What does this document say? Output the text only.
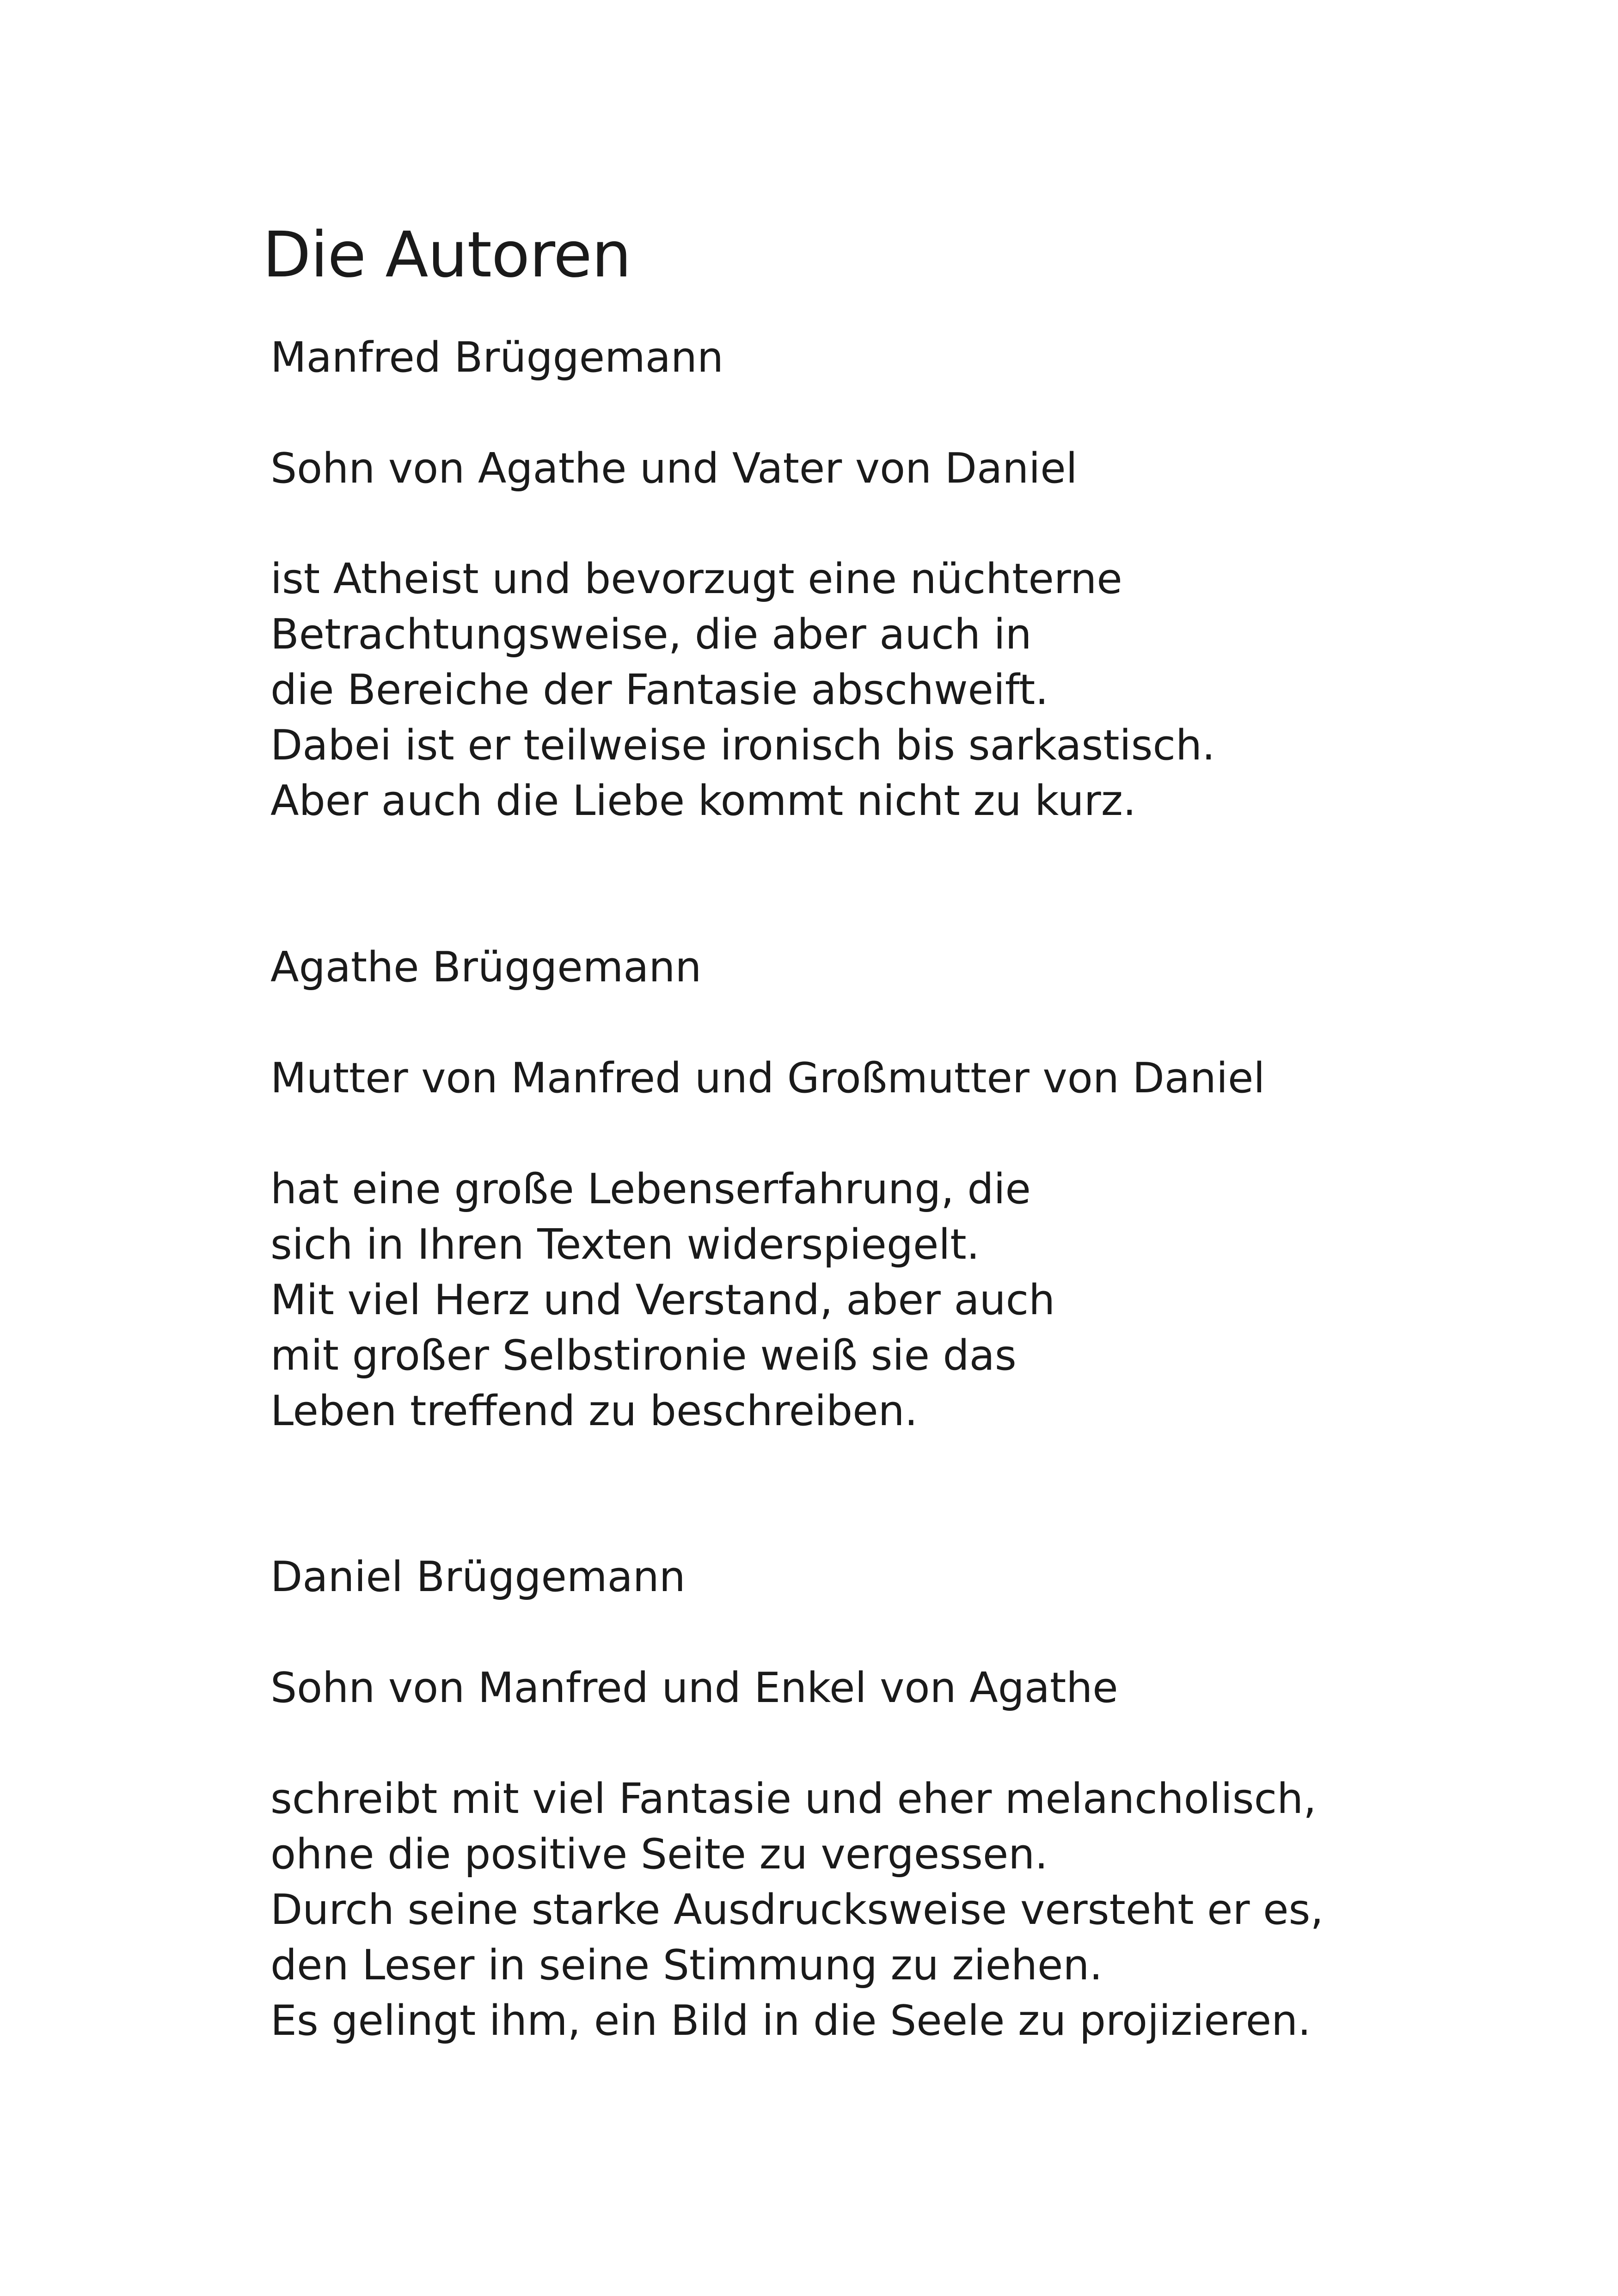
Die Autoren

Manfred Brüggemann

Sohn von Agathe und Vater von Daniel

ist Atheist und bevorzugt eine nüchterne

Betrachtungsweise, die aber auch in

die Bereiche der Fantasie abschweift.

Dabei ist er teilweise ironisch bis sarkastisch.

Aber auch die Liebe kommt nicht zu kurz.

Agathe Brüggemann

Mutter von Manfred und Großmutter von Daniel

hat eine große Lebenserfahrung, die

sich in Ihren Texten widerspiegelt.

Mit viel Herz und Verstand, aber auch

mit großer Selbstironie weiß sie das

Leben treffend zu beschreiben.

Daniel Brüggemann

Sohn von Manfred und Enkel von Agathe

schreibt mit viel Fantasie und eher melancholisch,

ohne die positive Seite zu vergessen.

Durch seine starke Ausdrucksweise versteht er es,

den Leser in seine Stimmung zu ziehen.

Es gelingt ihm, ein Bild in die Seele zu projizieren.
